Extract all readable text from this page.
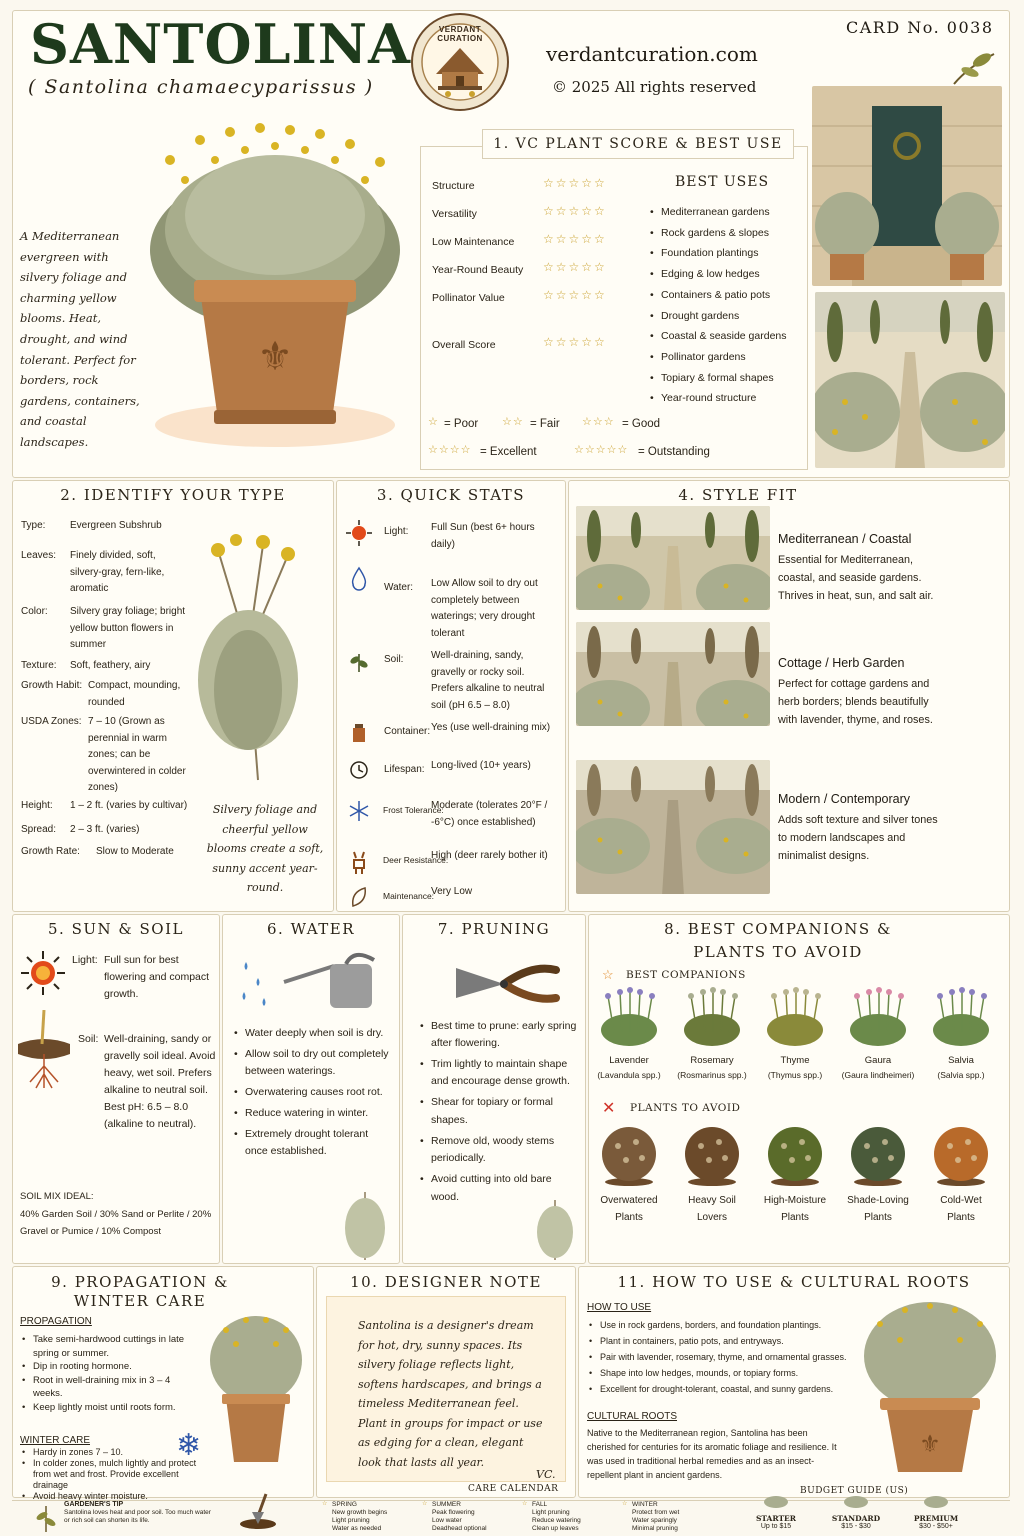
SANTOLINA
( Santolina chamaecyparissus )
VERDANT CURATION
verdantcuration.com
© 2025 All rights reserved
CARD No. 0038
⚜
A Mediterranean evergreen with silvery foliage and charming yellow blooms. Heat, drought, and wind tolerant. Perfect for borders, rock gardens, containers, and coastal landscapes.
1. VC PLANT SCORE & BEST USE
Structure	☆☆☆☆☆
Versatility	☆☆☆☆☆
Low Maintenance ☆☆☆☆☆
Year-Round Beauty ☆☆☆☆☆
Pollinator Value	☆☆☆☆☆
Overall Score	☆☆☆☆☆
BEST USES
• Mediterranean gardens
• Rock gardens & slopes
• Foundation plantings
• Edging & low hedges
• Containers & patio pots
• Drought gardens
• Coastal & seaside gardens
• Pollinator gardens
• Topiary & formal shapes
• Year-round structure
☆ = Poor ☆☆ = Fair ☆☆☆ = Good
☆☆☆☆ = Excellent	☆☆☆☆☆ = Outstanding
2. IDENTIFY YOUR TYPE
Type: Evergreen Subshrub
Leaves: Finely divided, soft, silvery-gray, fern-like, aromatic
Color: Silvery gray foliage; bright yellow button flowers in summer
Texture: Soft, feathery, airy
Growth Habit: Compact, mounding, rounded
USDA Zones: 7 – 10 (Grown as perennial in warm zones; can be overwintered in colder zones)
Height: 1 – 2 ft. (varies by cultivar)
Spread: 2 – 3 ft. (varies)
Growth Rate: Slow to Moderate
Silvery foliage and cheerful yellow blooms create a soft, sunny accent year-round.
3. QUICK STATS
Light: Full Sun (best 6+ hours daily)
Water: Low Allow soil to dry out completely between waterings; very drought tolerant
Soil:	Well-draining, sandy, gravelly or rocky soil. Prefers alkaline to neutral soil (pH 6.5 – 8.0)
Container: Yes (use well-draining mix)
Lifespan: Long-lived (10+ years)
Frost Tolerance:
Moderate (tolerates 20°F / -6°C) once established)
Deer Resistance:
High (deer rarely bother it)
Maintenance:
Very Low
4. STYLE FIT
Mediterranean / Coastal
Essential for Mediterranean, coastal, and seaside gardens. Thrives in heat, sun, and salt air.
Cottage / Herb Garden
Perfect for cottage gardens and herb borders; blends beautifully with lavender, thyme, and roses.
Modern / Contemporary
Adds soft texture and silver tones to modern landscapes and minimalist designs.
5. SUN & SOIL
Light: Full sun for best flowering and compact growth.
Soil: Well-draining, sandy or gravelly soil ideal. Avoid heavy, wet soil. Prefers alkaline to neutral soil. Best pH: 6.5 – 8.0 (alkaline to neutral).
SOIL MIX IDEAL:
40% Garden Soil / 30% Sand or Perlite / 20% Gravel or Pumice / 10% Compost
6. WATER
• Water deeply when soil is dry.
• Allow soil to dry out completely between waterings.
• Overwatering causes root rot.
• Reduce watering in winter.
• Extremely drought tolerant once established.
7. PRUNING
• Best time to prune: early spring after flowering.
• Trim lightly to maintain shape and encourage dense growth.
• Shear for topiary or formal shapes.
• Remove old, woody stems periodically.
• Avoid cutting into old bare wood.
8. BEST COMPANIONS &
PLANTS TO AVOID
☆ BEST COMPANIONS
Lavender
(Lavandula spp.)
Rosemary
(Rosmarinus spp.)
Thyme
(Thymus spp.)
Gaura
(Gaura lindheimeri)
Salvia
(Salvia spp.)
✕ PLANTS TO AVOID
Overwatered
Plants
Heavy Soil
Lovers
High-Moisture
Plants
Shade-Loving
Plants
Cold-Wet
Plants
9. PROPAGATION &
WINTER CARE
PROPAGATION
• Take semi-hardwood cuttings in late spring or summer.
• Dip in rooting hormone.
• Root in well-draining mix in 3 – 4 weeks.
• Keep lightly moist until roots form.
WINTER CARE
• Hardy in zones 7 – 10.
• In colder zones, mulch lightly and protect from wet and frost. Provide excellent drainage
• Avoid heavy winter moisture.
❄
10. DESIGNER NOTE
Santolina is a designer's dream for hot, dry, sunny spaces. Its silvery foliage reflects light, softens hardscapes, and brings a timeless Mediterranean feel. Plant in groups for impact or use as edging for a clean, elegant look that lasts all year.
VC.
11. HOW TO USE & CULTURAL ROOTS
HOW TO USE
• Use in rock gardens, borders, and foundation plantings.
• Plant in containers, patio pots, and entryways.
• Pair with lavender, rosemary, thyme, and ornamental grasses.
• Shape into low hedges, mounds, or topiary forms.
• Excellent for drought-tolerant, coastal, and sunny gardens.
CULTURAL ROOTS
Native to the Mediterranean region, Santolina has been cherished for centuries for its aromatic foliage and resilience. It was used in traditional herbal remedies and as an insect-repellent plant in ancient gardens.
⚜
GARDENER'S TIP
Santolina loves heat and poor soil. Too much water or rich soil can shorten its life.
CARE CALENDAR
☆ SPRING
New growth begins
Light pruning
Water as needed
☆ SUMMER
Peak flowering
Low water
Deadhead optional
☆ FALL
Light pruning
Reduce watering
Clean up leaves
☆ WINTER
Protect from wet
Water sparingly
Minimal pruning
BUDGET GUIDE (US)
STARTER
Up to $15
STANDARD
$15 - $30
PREMIUM
$30 - $50+
